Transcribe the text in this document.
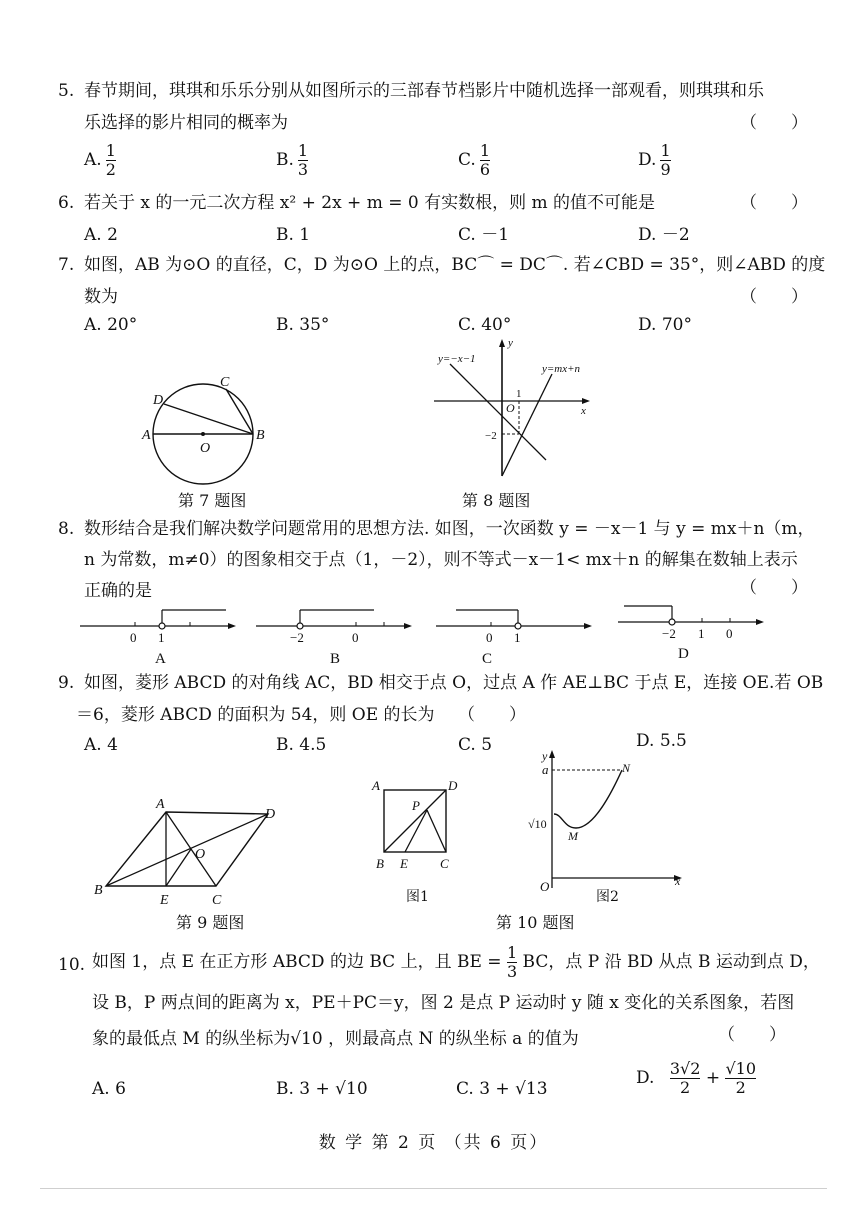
5. 春节期间，琪琪和乐乐分别从如图所示的三部春节档影片中随机选择一部观看，则琪琪和乐
乐选择的影片相同的概率为	（　　）
A. $\frac{1}{2}$	B. $\frac{1}{3}$	C. $\frac{1}{6}$	D. $\frac{1}{9}$
6. 若关于 x 的一元二次方程 x² + 2x + m = 0 有实数根，则 m 的值不可能是	（　　）
A. 2	B. 1	C. －1	D. －2
7. 如图，AB 为⊙O 的直径，C，D 为⊙O 上的点，BC⌒ = DC⌒. 若∠CBD = 35°，则∠ABD 的度
数为	（　　）
A. 20°	B. 35°	C. 40°	D. 70°
A	B
C
D
O
第 7 题图
y=−x−1
y=mx+n
x
y
O
1
−2
第 8 题图
8. 数形结合是我们解决数学问题常用的思想方法. 如图，一次函数 y = －x－1 与 y = mx＋n（m，
n 为常数，m≠0）的图象相交于点（1，－2），则不等式－x－1< mx＋n 的解集在数轴上表示
正确的是	（　　）
0 1
A
−2	0
B
0 1
C
−2 1 0
D
9. 如图，菱形 ABCD 的对角线 AC，BD 相交于点 O，过点 A 作 AE⊥BC 于点 E，连接 OE.若 OB
＝6，菱形 ABCD 的面积为 54，则 OE 的长为 （　　）
A. 4	B. 4.5	C. 5	D. 5.5
A
B
C
D
E
O
第 9 题图
A	D
B E C
P
图1
y
x
O
a	N
M
√10
图2
第 10 题图
10. 如图 1，点 E 在正方形 ABCD 的边 BC 上，且 BE = $\frac{1}{3}$ BC，点 P 沿 BD 从点 B 运动到点 D，
设 B，P 两点间的距离为 x，PE＋PC＝y，图 2 是点 P 运动时 y 随 x 变化的关系图象，若图
象的最低点 M 的纵坐标为√10 ，则最高点 N 的纵坐标 a 的值为	（　　）
A. 6	B. 3 + √10	C. 3 + √13
D. $\frac{3√2}{2} + \frac{√10}{2}$
数 学 第 2 页 （共 6 页）
